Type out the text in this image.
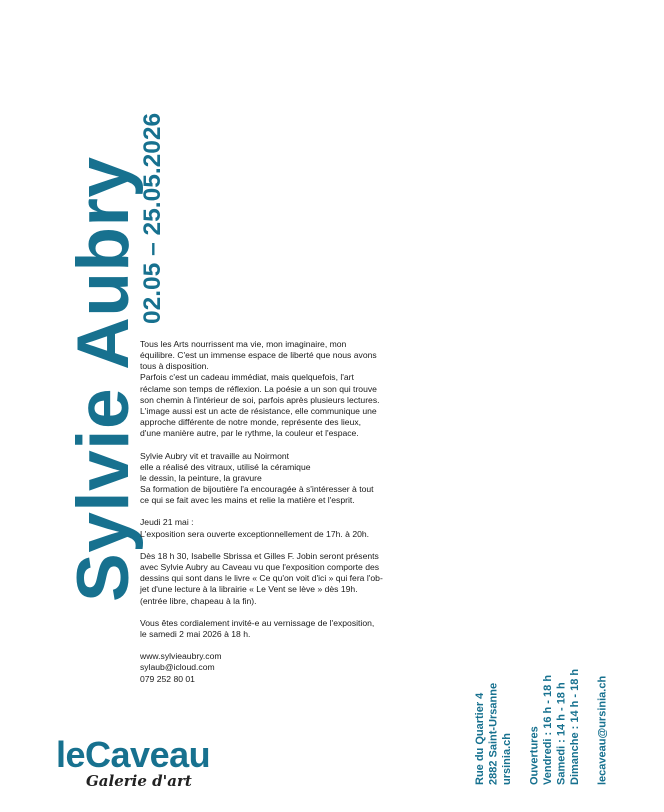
Sylvie Aubry
02.05 – 25.05.2026

Tous les Arts nourrissent ma vie, mon imaginaire, mon
équilibre. C'est un immense espace de liberté que nous avons
tous à disposition.
Parfois c'est un cadeau immédiat, mais quelquefois, l'art
réclame son temps de réflexion. La poésie a un son qui trouve
son chemin à l'intérieur de soi, parfois après plusieurs lectures.
L'image aussi est un acte de résistance, elle communique une
approche différente de notre monde, représente des lieux,
d'une manière autre, par le rythme, la couleur et l'espace.

Sylvie Aubry vit et travaille au Noirmont
elle a réalisé des vitraux, utilisé la céramique
le dessin, la peinture, la gravure
Sa formation de bijoutière l'a encouragée à s'intéresser à tout
ce qui se fait avec les mains et relie la matière et l'esprit.

Jeudi 21 mai :
L'exposition sera ouverte exceptionnellement de 17h. à 20h.

Dès 18 h 30, Isabelle Sbrissa et Gilles F. Jobin seront présents
avec Sylvie Aubry au Caveau vu que l'exposition comporte des
dessins qui sont dans le livre « Ce qu'on voit d'ici » qui fera l'ob-
jet d'une lecture à la librairie « Le Vent se lève » dès 19h.
(entrée libre, chapeau à la fin).

Vous êtes cordialement invité-e au vernissage de l'exposition,
le samedi 2 mai 2026 à 18 h.

www.sylvieaubry.com
sylaub@icloud.com
079 252 80 01

Rue du Quartier 4 2882 Saint-Ursanne ursinia.ch Ouvertures Vendredi : 16 h - 18 h Samedi : 14 h - 18 h Dimanche : 14 h - 18 h lecaveau@ursinia.ch
leCaveau
Galerie d'art
